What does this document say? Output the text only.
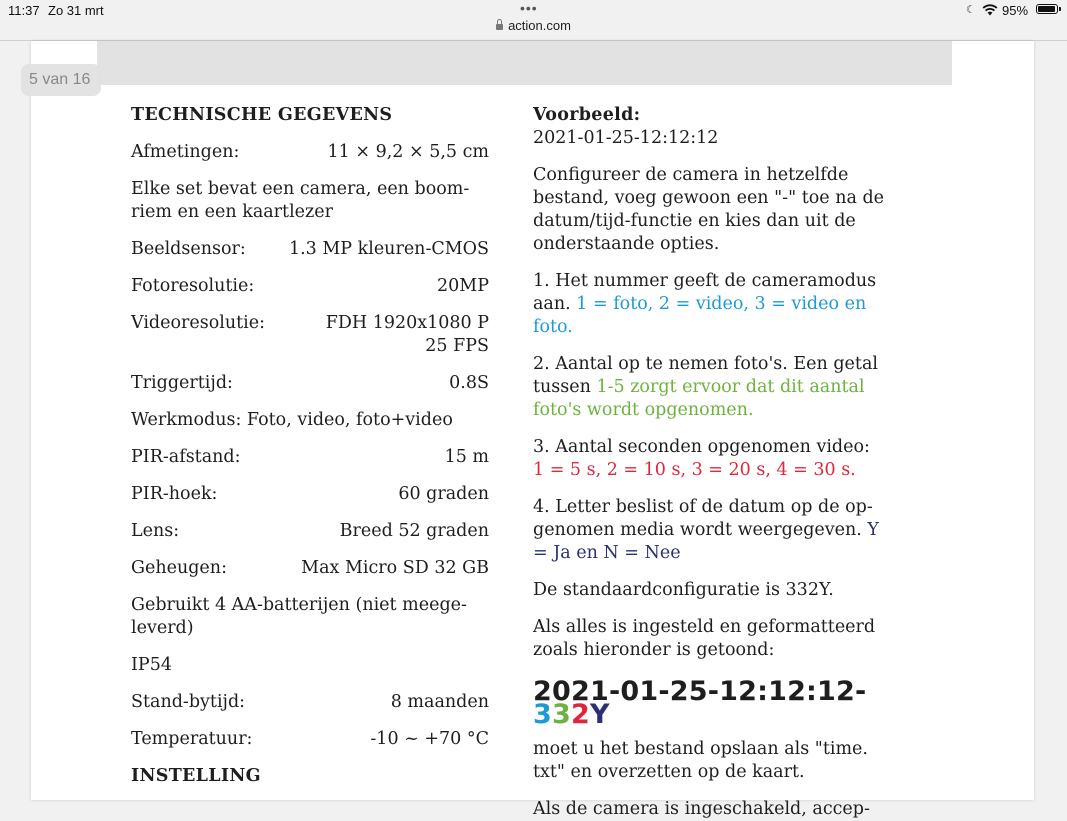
11:37 Zo 31 mrt	•••	☾ 95%
action.com
5 van 16
TECHNISCHE GEGEVENS
Afmetingen:	11 × 9,2 × 5,5 cm
Elke set bevat een camera, een boom-
riem en een kaartlezer
Beeldsensor: 1.3 MP kleuren-CMOS
Fotoresolutie:	20MP
Videoresolutie:	FDH 1920x1080 P
25 FPS
Triggertijd:	0.8S
Werkmodus: Foto, video, foto+video
PIR-afstand:	15 m
PIR-hoek:	60 graden
Lens:	Breed 52 graden
Geheugen:	Max Micro SD 32 GB
Gebruikt 4 AA-batterijen (niet meege-
leverd)
IP54
Stand-bytijd:	8 maanden
Temperatuur:	-10 ~ +70 °C
INSTELLING
Voorbeeld:
2021-01-25-12:12:12
Configureer de camera in hetzelfde
bestand, voeg gewoon een "-" toe na de
datum/tijd-functie en kies dan uit de
onderstaande opties.
1. Het nummer geeft de cameramodus
aan. 1 = foto, 2 = video, 3 = video en
foto.
2. Aantal op te nemen foto's. Een getal
tussen 1-5 zorgt ervoor dat dit aantal
foto's wordt opgenomen.
3. Aantal seconden opgenomen video:
1 = 5 s, 2 = 10 s, 3 = 20 s, 4 = 30 s.
4. Letter beslist of de datum op de op-
genomen media wordt weergegeven. Y
= Ja en N = Nee
De standaardconfiguratie is 332Y.
Als alles is ingesteld en geformatteerd
zoals hieronder is getoond:
2021-01-25-12:12:12-332Y
moet u het bestand opslaan als "time.
txt" en overzetten op de kaart.
Als de camera is ingeschakeld, accep-
